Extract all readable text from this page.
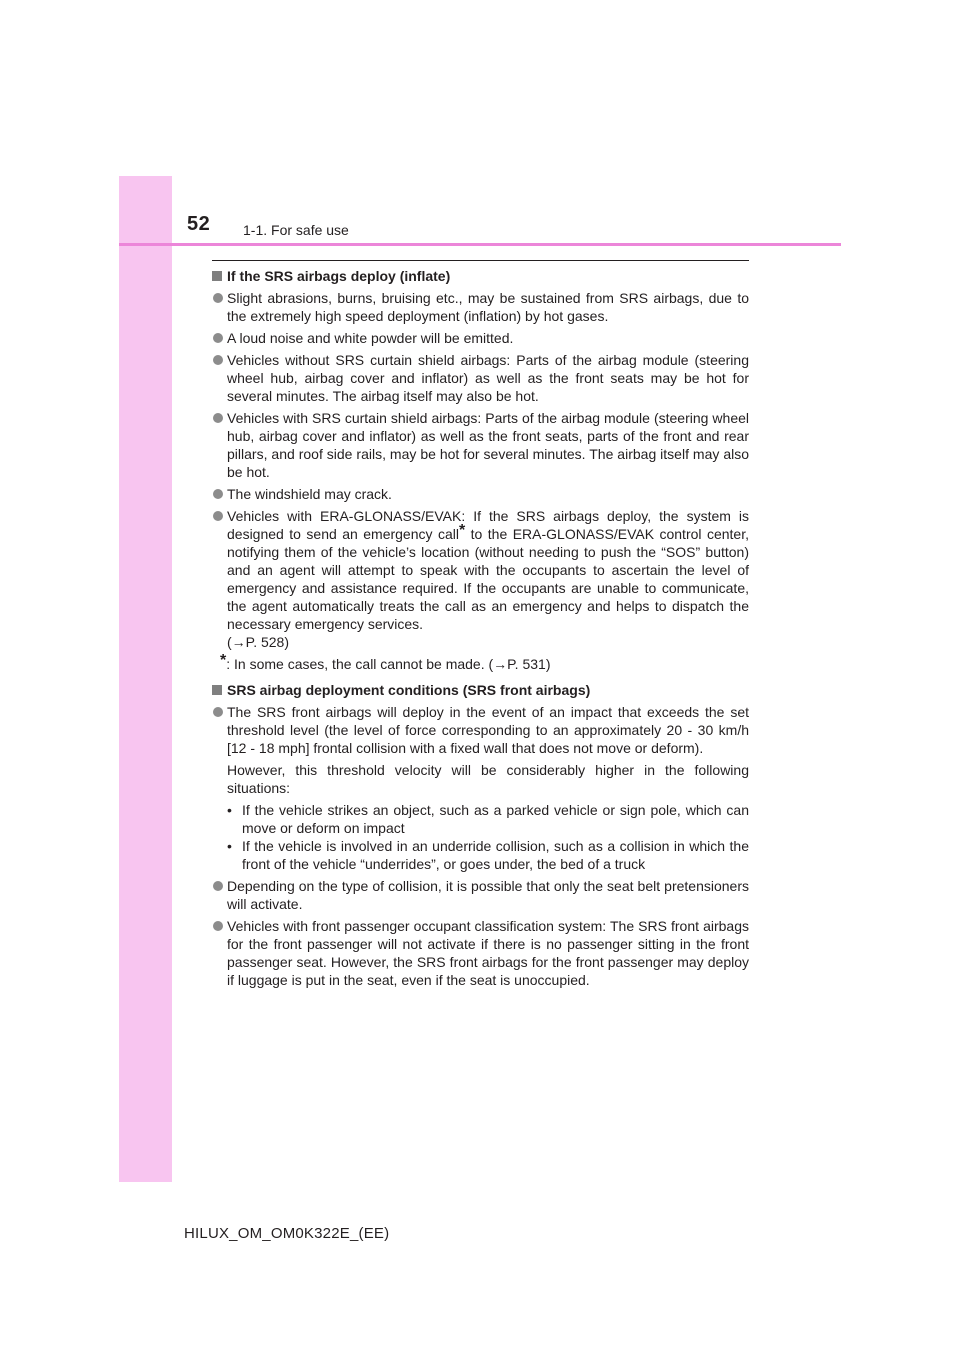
52 1-1. For safe use
If the SRS airbags deploy (inflate)
Slight abrasions, burns, bruising etc., may be sustained from SRS airbags, due to the extremely high speed deployment (inflation) by hot gases.
A loud noise and white powder will be emitted.
Vehicles without SRS curtain shield airbags: Parts of the airbag module (steering wheel hub, airbag cover and inflator) as well as the front seats may be hot for several minutes. The airbag itself may also be hot.
Vehicles with SRS curtain shield airbags: Parts of the airbag module (steering wheel hub, airbag cover and inflator) as well as the front seats, parts of the front and rear pillars, and roof side rails, may be hot for several minutes. The airbag itself may also be hot.
The windshield may crack.
Vehicles with ERA-GLONASS/EVAK: If the SRS airbags deploy, the system is designed to send an emergency call* to the ERA-GLONASS/EVAK control center, notifying them of the vehicle’s location (without needing to push the “SOS” button) and an agent will attempt to speak with the occupants to ascertain the level of emergency and assistance required. If the occupants are unable to communicate, the agent automatically treats the call as an emergency and helps to dispatch the necessary emergency services.
(→P. 528)
*: In some cases, the call cannot be made. (→P. 531)
SRS airbag deployment conditions (SRS front airbags)
The SRS front airbags will deploy in the event of an impact that exceeds the set threshold level (the level of force corresponding to an approximately 20 - 30 km/h [12 - 18 mph] frontal collision with a fixed wall that does not move or deform).
However, this threshold velocity will be considerably higher in the following situations:
• If the vehicle strikes an object, such as a parked vehicle or sign pole, which can move or deform on impact
• If the vehicle is involved in an underride collision, such as a collision in which the front of the vehicle “underrides”, or goes under, the bed of a truck
Depending on the type of collision, it is possible that only the seat belt pretensioners will activate.
Vehicles with front passenger occupant classification system: The SRS front airbags for the front passenger will not activate if there is no passenger sitting in the front passenger seat. However, the SRS front airbags for the front passenger may deploy if luggage is put in the seat, even if the seat is unoccupied.
HILUX_OM_OM0K322E_(EE)
